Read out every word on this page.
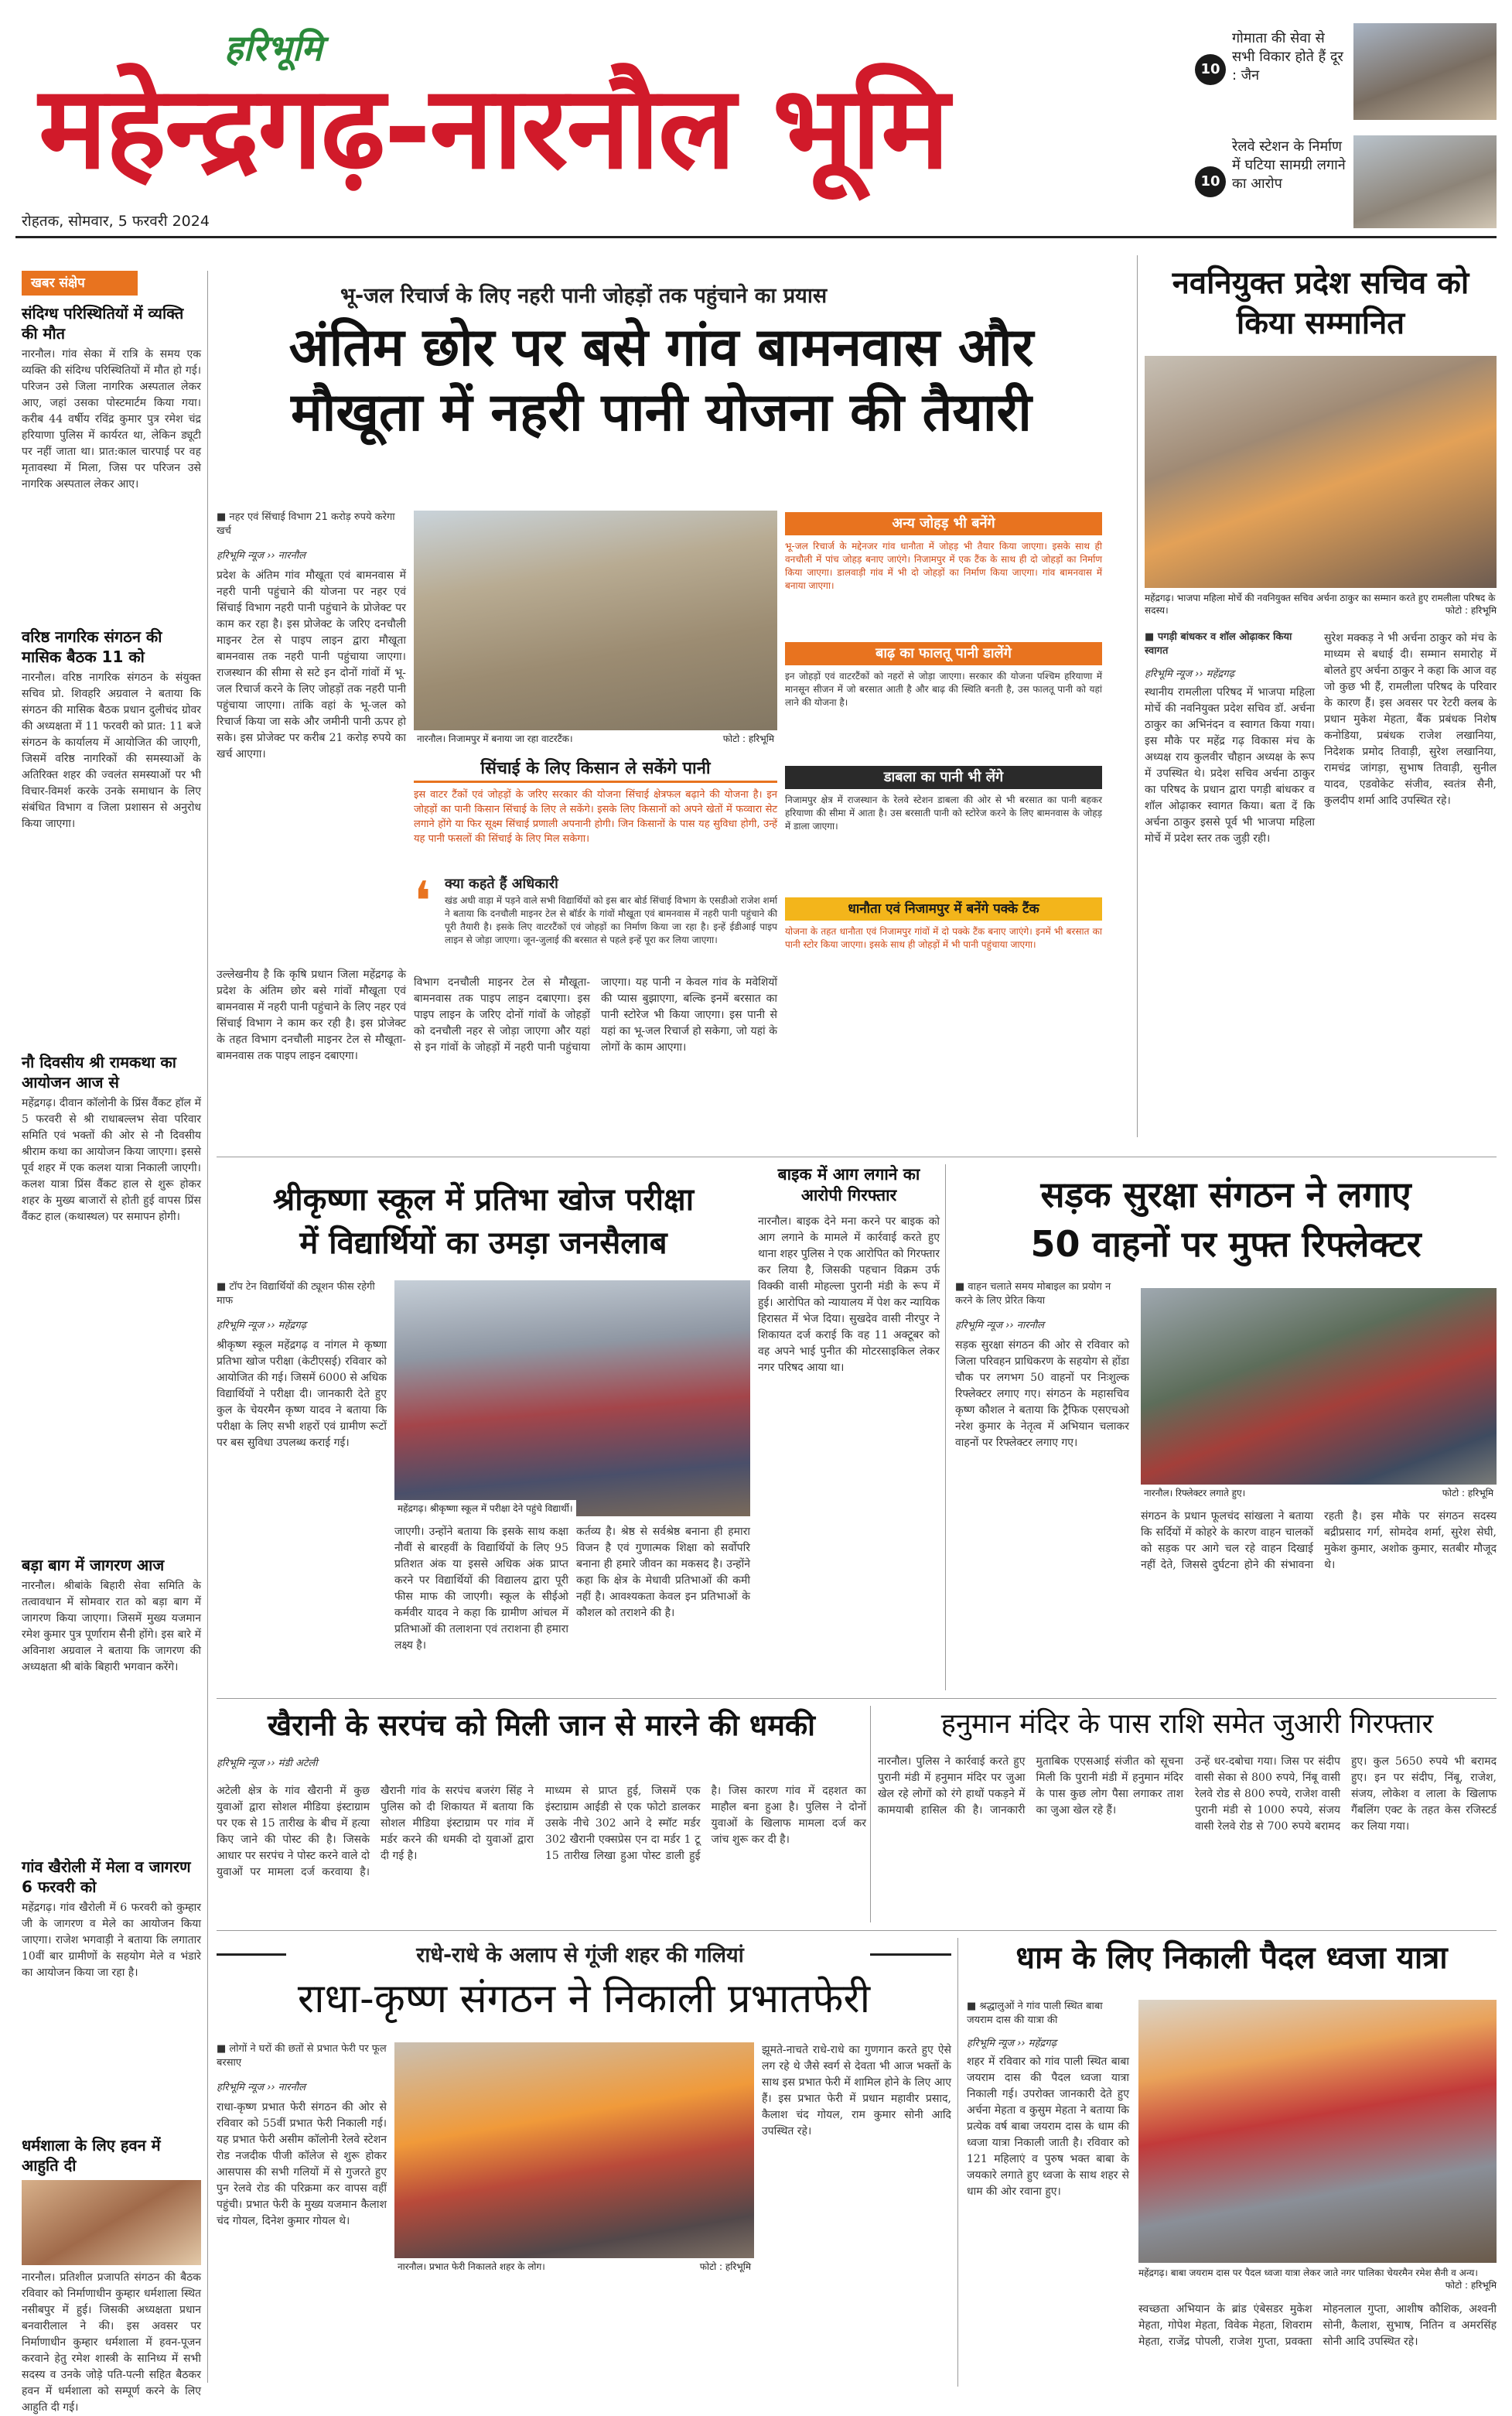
हरिभूमि
महेन्द्रगढ़-नारनौल भूमि
रोहतक, सोमवार, 5 फरवरी 2024
10
गोमाता की सेवा से सभी विकार होते हैं दूर : जैन
10
रेलवे स्टेशन के निर्माण में घटिया सामग्री लगाने का आरोप
खबर संक्षेप
संदिग्ध परिस्थितियों में व्यक्ति की मौत
नारनौल। गांव सेका में रात्रि के समय एक व्यक्ति की संदिग्ध परिस्थितियों में मौत हो गई। परिजन उसे जिला नागरिक अस्पताल लेकर आए, जहां उसका पोस्टमार्टम किया गया। करीब 44 वर्षीय रविंद्र कुमार पुत्र रमेश चंद्र हरियाणा पुलिस में कार्यरत था, लेकिन ड्यूटी पर नहीं जाता था। प्रात:काल चारपाई पर वह मृतावस्था में मिला, जिस पर परिजन उसे नागरिक अस्पताल लेकर आए।
वरिष्ठ नागरिक संगठन की मासिक बैठक 11 को
नारनौल। वरिष्ठ नागरिक संगठन के संयुक्त सचिव प्रो. शिवहरि अग्रवाल ने बताया कि संगठन की मासिक बैठक प्रधान दुलीचंद ग्रोवर की अध्यक्षता में 11 फरवरी को प्रात: 11 बजे संगठन के कार्यालय में आयोजित की जाएगी, जिसमें वरिष्ठ नागरिकों की समस्याओं के अतिरिक्त शहर की ज्वलंत समस्याओं पर भी विचार-विमर्श करके उनके समाधान के लिए संबंधित विभाग व जिला प्रशासन से अनुरोध किया जाएगा।
नौ दिवसीय श्री रामकथा का आयोजन आज से
महेंद्रगढ़। दीवान कॉलोनी के प्रिंस वैंकट हॉल में 5 फरवरी से श्री राधाबल्लभ सेवा परिवार समिति एवं भक्तों की ओर से नौ दिवसीय श्रीराम कथा का आयोजन किया जाएगा। इससे पूर्व शहर में एक कलश यात्रा निकाली जाएगी। कलश यात्रा प्रिंस वैंकट हाल से शुरू होकर शहर के मुख्य बाजारों से होती हुई वापस प्रिंस वैंकट हाल (कथास्थल) पर समापन होगी।
बड़ा बाग में जागरण आज
नारनौल। श्रीबांके बिहारी सेवा समिति के तत्वावधान में सोमवार रात को बड़ा बाग में जागरण किया जाएगा। जिसमें मुख्य यजमान रमेश कुमार पुत्र पूर्णाराम सैनी होंगे। इस बारे में अविनाश अग्रवाल ने बताया कि जागरण की अध्यक्षता श्री बांके बिहारी भगवान करेंगे।
गांव खैरोली में मेला व जागरण 6 फरवरी को
महेंद्रगढ़। गांव खैरोली में 6 फरवरी को कुम्हार जी के जागरण व मेले का आयोजन किया जाएगा। राजेश भगवाड़ी ने बताया कि लगातार 10वीं बार ग्रामीणों के सहयोग मेले व भंडारे का आयोजन किया जा रहा है।
धर्मशाला के लिए हवन में आहुति दी
नारनौल। प्रतिशील प्रजापति संगठन की बैठक रविवार को निर्माणाधीन कुम्हार धर्मशाला स्थित नसीबपुर में हुई। जिसकी अध्यक्षता प्रधान बनवारीलाल ने की। इस अवसर पर निर्माणाधीन कुम्हार धर्मशाला में हवन-पूजन करवाने हेतु रमेश शास्त्री के सानिध्य में सभी सदस्य व उनके जोड़े पति-पत्नी सहित बैठकर हवन में धर्मशाला को सम्पूर्ण करने के लिए आहुति दी गई।
भू-जल रिचार्ज के लिए नहरी पानी जोहड़ों तक पहुंचाने का प्रयास
अंतिम छोर पर बसे गांव बामनवास और
मौखूता में नहरी पानी योजना की तैयारी
■ नहर एवं सिंचाई विभाग 21 करोड़ रुपये करेगा खर्च
हरिभूमि न्यूज ›› नारनौल
प्रदेश के अंतिम गांव मौखूता एवं बामनवास में नहरी पानी पहुंचाने की योजना पर नहर एवं सिंचाई विभाग नहरी पानी पहुंचाने के प्रोजेक्ट पर काम कर रहा है। इस प्रोजेक्ट के जरिए दनचौली माइनर टेल से पाइप लाइन द्वारा मौखूता बामनवास तक नहरी पानी पहुंचाया जाएगा। राजस्थान की सीमा से सटे इन दोनों गांवों में भू-जल रिचार्ज करने के लिए जोहड़ों तक नहरी पानी पहुंचाया जाएगा। तांकि वहां के भू-जल को रिचार्ज किया जा सके और जमीनी पानी ऊपर हो सके। इस प्रोजेक्ट पर करीब 21 करोड़ रुपये का खर्च आएगा।
नारनौल। निजामपुर में बनाया जा रहा वाटरटैंक।	फोटो : हरिभूमि
सिंचाई के लिए किसान ले सकेंगे पानी
इस वाटर टैंकों एवं जोहड़ों के जरिए सरकार की योजना सिंचाई क्षेत्रफल बढ़ाने की योजना है। इन जोहड़ों का पानी किसान सिंचाई के लिए ले सकेंगे। इसके लिए किसानों को अपने खेतों में फव्वारा सेट लगाने होंगे या फिर सूक्ष्म सिंचाई प्रणाली अपनानी होगी। जिन किसानों के पास यह सुविधा होगी, उन्हें यह पानी फसलों की सिंचाई के लिए मिल सकेगा।
❛ क्या कहते हैं अधिकारी
खंड अधी वाड़ा में पड़ने वाले सभी विद्यार्थियों को इस बार बोर्ड सिंचाई विभाग के एसडीओ राजेश शर्मा ने बताया कि दनचौली माइनर टेल से बॉर्डर के गांवों मौखूता एवं बामनवास में नहरी पानी पहुंचाने की पूरी तैयारी है। इसके लिए वाटरटैंकों एवं जोहड़ों का निर्माण किया जा रहा है। इन्हें ईडीआई पाइप लाइन से जोड़ा जाएगा। जून-जुलाई की बरसात से पहले इन्हें पूरा कर लिया जाएगा।
उल्लेखनीय है कि कृषि प्रधान जिला महेंद्रगढ़ के प्रदेश के अंतिम छोर बसे गांवों मौखूता एवं बामनवास में नहरी पानी पहुंचाने के लिए नहर एवं सिंचाई विभाग ने काम कर रही है। इस प्रोजेक्ट के तहत विभाग दनचौली माइनर टेल से मौखूता-बामनवास तक पाइप लाइन दबाएगा।
विभाग दनचौली माइनर टेल से मौखूता-बामनवास तक पाइप लाइन दबाएगा। इस पाइप लाइन के जरिए दोनों गांवों के जोहड़ों को दनचौली नहर से जोड़ा जाएगा और यहां से इन गांवों के जोहड़ों में नहरी पानी पहुंचाया जाएगा। यह पानी न केवल गांव के मवेशियों की प्यास बुझाएगा, बल्कि इनमें बरसात का पानी स्टोरेज भी किया जाएगा। इस पानी से यहां का भू-जल रिचार्ज हो सकेगा, जो यहां के लोगों के काम आएगा।
अन्य जोहड़ भी बनेंगे
भू-जल रिचार्ज के मद्देनजर गांव धानौता में जोहड़ भी तैयार किया जाएगा। इसके साथ ही वनचौली में पांच जोहड़ बनाए जाएंगे। निजामपुर में एक टैंक के साथ ही दो जोहड़ों का निर्माण किया जाएगा। डालवाड़ी गांव में भी दो जोहड़ों का निर्माण किया जाएगा। गांव बामनवास में बनाया जाएगा।
बाढ़ का फालतू पानी डालेंगे
इन जोहड़ों एवं वाटरटैंकों को नहरों से जोड़ा जाएगा। सरकार की योजना पश्चिम हरियाणा में मानसून सीजन में जो बरसात आती है और बाढ़ की स्थिति बनती है, उस फालतू पानी को यहां लाने की योजना है।
डाबला का पानी भी लेंगे
निजामपुर क्षेत्र में राजस्थान के रेलवे स्टेशन डाबला की ओर से भी बरसात का पानी बहकर हरियाणा की सीमा में आता है। उस बरसाती पानी को स्टोरेज करने के लिए बामनवास के जोहड़ में डाला जाएगा।
धानौता एवं निजामपुर में बनेंगे पक्के टैंक
योजना के तहत धानौता एवं निजामपुर गांवों में दो पक्के टैंक बनाए जाएंगे। इनमें भी बरसात का पानी स्टोर किया जाएगा। इसके साथ ही जोहड़ों में भी पानी पहुंचाया जाएगा।
नवनियुक्त प्रदेश सचिव को किया सम्मानित
महेंद्रगढ़। भाजपा महिला मोर्चे की नवनियुक्त सचिव अर्चना ठाकुर का सम्मान करते हुए रामलीला परिषद के सदस्य।	फोटो : हरिभूमि
■ पगड़ी बांधकर व शॉल ओढ़ाकर किया स्वागत
हरिभूमि न्यूज ›› महेंद्रगढ़
स्थानीय रामलीला परिषद में भाजपा महिला मोर्चे की नवनियुक्त प्रदेश सचिव डॉ. अर्चना ठाकुर का अभिनंदन व स्वागत किया गया। इस मौके पर महेंद्र गढ़ विकास मंच के अध्यक्ष राय कुलवीर चौहान अध्यक्ष के रूप में उपस्थित थे। प्रदेश सचिव अर्चना ठाकुर का परिषद के प्रधान द्वारा पगड़ी बांधकर व शॉल ओढ़ाकर स्वागत किया। बता दें कि अर्चना ठाकुर इससे पूर्व भी भाजपा महिला मोर्चे में प्रदेश स्तर तक जुड़ी रही।
सुरेश मक्कड़ ने भी अर्चना ठाकुर को मंच के माध्यम से बधाई दी। सम्मान समारोह में बोलते हुए अर्चना ठाकुर ने कहा कि आज वह जो कुछ भी हैं, रामलीला परिषद के परिवार के कारण हैं। इस अवसर पर रेटरी क्लब के प्रधान मुकेश मेहता, बैंक प्रबंधक निशेष कनोडिया, प्रबंधक राजेश लखानिया, निदेशक प्रमोद तिवाड़ी, सुरेश लखानिया, रामचंद्र जांगड़ा, सुभाष तिवाड़ी, सुनील यादव, एडवोकेट संजीव, स्वतंत्र सैनी, कुलदीप शर्मा आदि उपस्थित रहे।
श्रीकृष्णा स्कूल में प्रतिभा खोज परीक्षा
में विद्यार्थियों का उमड़ा जनसैलाब
■ टॉप टेन विद्यार्थियों की ट्यूशन फीस रहेगी माफ
हरिभूमि न्यूज ›› महेंद्रगढ़
श्रीकृष्ण स्कूल महेंद्रगढ़ व नांगल मे कृष्णा प्रतिभा खोज परीक्षा (केटीएसई) रविवार को आयोजित की गई। जिसमें 6000 से अधिक विद्यार्थियों ने परीक्षा दी। जानकारी देते हुए कुल के चेयरमैन कृष्ण यादव ने बताया कि परीक्षा के लिए सभी शहरों एवं ग्रामीण रूटों पर बस सुविधा उपलब्ध कराई गई।
महेंद्रगढ़। श्रीकृष्णा स्कूल में परीक्षा देने पहुंचे विद्यार्थी।
जाएगी। उन्होंने बताया कि इसके साथ कक्षा नौवीं से बारहवीं के विद्यार्थियों के लिए 95 प्रतिशत अंक या इससे अधिक अंक प्राप्त करने पर विद्यार्थियों की विद्यालय द्वारा पूरी फीस माफ की जाएगी। स्कूल के सीईओ कर्मवीर यादव ने कहा कि ग्रामीण आंचल में प्रतिभाओं की तलाशना एवं तराशना ही हमारा लक्ष्य है।
कर्तव्य है। श्रेष्ठ से सर्वश्रेष्ठ बनाना ही हमारा विजन है एवं गुणात्मक शिक्षा को सर्वोपरि बनाना ही हमारे जीवन का मकसद है। उन्होंने कहा कि क्षेत्र के मेधावी प्रतिभाओं की कमी नहीं है। आवश्यकता केवल इन प्रतिभाओं के कौशल को तराशने की है।
बाइक में आग लगाने का आरोपी गिरफ्तार
नारनौल। बाइक देने मना करने पर बाइक को आग लगाने के मामले में कार्रवाई करते हुए थाना शहर पुलिस ने एक आरोपित को गिरफ्तार कर लिया है, जिसकी पहचान विक्रम उर्फ विक्की वासी मोहल्ला पुरानी मंडी के रूप में हुई। आरोपित को न्यायालय में पेश कर न्यायिक हिरासत में भेज दिया। सुखदेव वासी नीरपुर ने शिकायत दर्ज कराई कि वह 11 अक्टूबर को वह अपने भाई पुनीत की मोटरसाइकिल लेकर नगर परिषद आया था।
सड़क सुरक्षा संगठन ने लगाए
50 वाहनों पर मुफ्त रिफ्लेक्टर
■ वाहन चलाते समय मोबाइल का प्रयोग न करने के लिए प्रेरित किया
हरिभूमि न्यूज ›› नारनौल
सड़क सुरक्षा संगठन की ओर से रविवार को जिला परिवहन प्राधिकरण के सहयोग से होंडा चौक पर लगभग 50 वाहनों पर निःशुल्क रिफ्लेक्टर लगाए गए। संगठन के महासचिव कृष्ण कौशल ने बताया कि ट्रैफिक एसएचओ नरेश कुमार के नेतृत्व में अभियान चलाकर वाहनों पर रिफ्लेक्टर लगाए गए।
नारनौल। रिफ्लेक्टर लगाते हुए।	फोटो : हरिभूमि
संगठन के प्रधान फूलचंद सांखला ने बताया कि सर्दियों में कोहरे के कारण वाहन चालकों को सड़क पर आगे चल रहे वाहन दिखाई नहीं देते, जिससे दुर्घटना होने की संभावना रहती है। इस मौके पर संगठन सदस्य बद्रीप्रसाद गर्ग, सोमदेव शर्मा, सुरेश सेघी, मुकेश कुमार, अशोक कुमार, सतबीर मौजूद थे।
खैरानी के सरपंच को मिली जान से मारने की धमकी
हरिभूमि न्यूज ›› मंडी अटेली
अटेली क्षेत्र के गांव खैरानी में कुछ युवाओं द्वारा सोशल मीडिया इंस्टाग्राम पर एक से 15 तारीख के बीच में हत्या किए जाने की पोस्ट की है। जिसके आधार पर सरपंच ने पोस्ट करने वाले दो युवाओं पर मामला दर्ज करवाया है। खैरानी गांव के सरपंच बजरंग सिंह ने पुलिस को दी शिकायत में बताया कि सोशल मीडिया इंस्टाग्राम पर गांव में मर्डर करने की धमकी दो युवाओं द्वारा दी गई है।
माध्यम से प्राप्त हुई, जिसमें एक इंस्टाग्राम आईडी से एक फोटो डालकर उसके नीचे 302 आने दे स्मॉट मर्डर 302 खैरानी एक्सप्रेस एन दा मर्डर 1 टू 15 तारीख लिखा हुआ पोस्ट डाली हुई है। जिस कारण गांव में दहशत का माहौल बना हुआ है। पुलिस ने दोनों युवाओं के खिलाफ मामला दर्ज कर जांच शुरू कर दी है।
हनुमान मंदिर के पास राशि समेत जुआरी गिरफ्तार
नारनौल। पुलिस ने कार्रवाई करते हुए पुरानी मंडी में हनुमान मंदिर पर जुआ खेल रहे लोगों को रंगे हाथों पकड़ने में कामयाबी हासिल की है। जानकारी मुताबिक एएसआई संजीत को सूचना मिली कि पुरानी मंडी में हनुमान मंदिर के पास कुछ लोग पैसा लगाकर ताश का जुआ खेल रहे हैं।
उन्हें धर-दबोचा गया। जिस पर संदीप वासी सेका से 800 रुपये, निंबू वासी रेलवे रोड से 800 रुपये, राजेश वासी पुरानी मंडी से 1000 रुपये, संजय वासी रेलवे रोड से 700 रुपये बरामद हुए। कुल 5650 रुपये भी बरामद हुए। इन पर संदीप, निंबू, राजेश, संजय, लोकेश व लाला के खिलाफ गैंबलिंग एक्ट के तहत केस रजिस्टर्ड कर लिया गया।
राधे-राधे के अलाप से गूंजी शहर की गलियां
राधा-कृष्ण संगठन ने निकाली प्रभातफेरी
■ लोगों ने घरों की छतों से प्रभात फेरी पर फूल बरसाए
हरिभूमि न्यूज ›› नारनौल
राधा-कृष्ण प्रभात फेरी संगठन की ओर से रविवार को 55वीं प्रभात फेरी निकाली गई। यह प्रभात फेरी असीम कॉलोनी रेलवे स्टेशन रोड नजदीक पीजी कॉलेज से शुरू होकर आसपास की सभी गलियों में से गुजरते हुए पुन रेलवे रोड की परिक्रमा कर वापस वहीं पहुंची। प्रभात फेरी के मुख्य यजमान कैलाश चंद गोयल, दिनेश कुमार गोयल थे।
नारनौल। प्रभात फेरी निकालते शहर के लोग।	फोटो : हरिभूमि
झूमते-नाचते राधे-राधे का गुणगान करते हुए ऐसे लग रहे थे जैसे स्वर्ग से देवता भी आज भक्तों के साथ इस प्रभात फेरी में शामिल होने के लिए आए हैं। इस प्रभात फेरी में प्रधान महावीर प्रसाद, कैलाश चंद गोयल, राम कुमार सोनी आदि उपस्थित रहे।
धाम के लिए निकाली पैदल ध्वजा यात्रा
■ श्रद्धालुओं ने गांव पाली स्थित बाबा जयराम दास की यात्रा की
हरिभूमि न्यूज ›› महेंद्रगढ़
शहर में रविवार को गांव पाली स्थित बाबा जयराम दास की पैदल ध्वजा यात्रा निकाली गई। उपरोक्त जानकारी देते हुए अर्चना मेहता व कुसुम मेहता ने बताया कि प्रत्येक वर्ष बाबा जयराम दास के धाम की ध्वजा यात्रा निकाली जाती है। रविवार को 121 महिलाएं व पुरुष भक्त बाबा के जयकारे लगाते हुए ध्वजा के साथ शहर से धाम की ओर रवाना हुए।
महेंद्रगढ़। बाबा जयराम दास पर पैदल ध्वजा यात्रा लेकर जाते नगर पालिका चेयरमैन रमेश सैनी व अन्य।
फोटो : हरिभूमि
स्वच्छता अभियान के ब्रांड एंबेसडर मुकेश मेहता, गोपेश मेहता, विवेक मेहता, शिवराम मेहता, राजेंद्र पोपली, राजेश गुप्ता, प्रवक्ता मोहनलाल गुप्ता, आशीष कौशिक, अश्वनी सोनी, कैलाश, सुभाष, नितिन व अमरसिंह सोनी आदि उपस्थित रहे।
